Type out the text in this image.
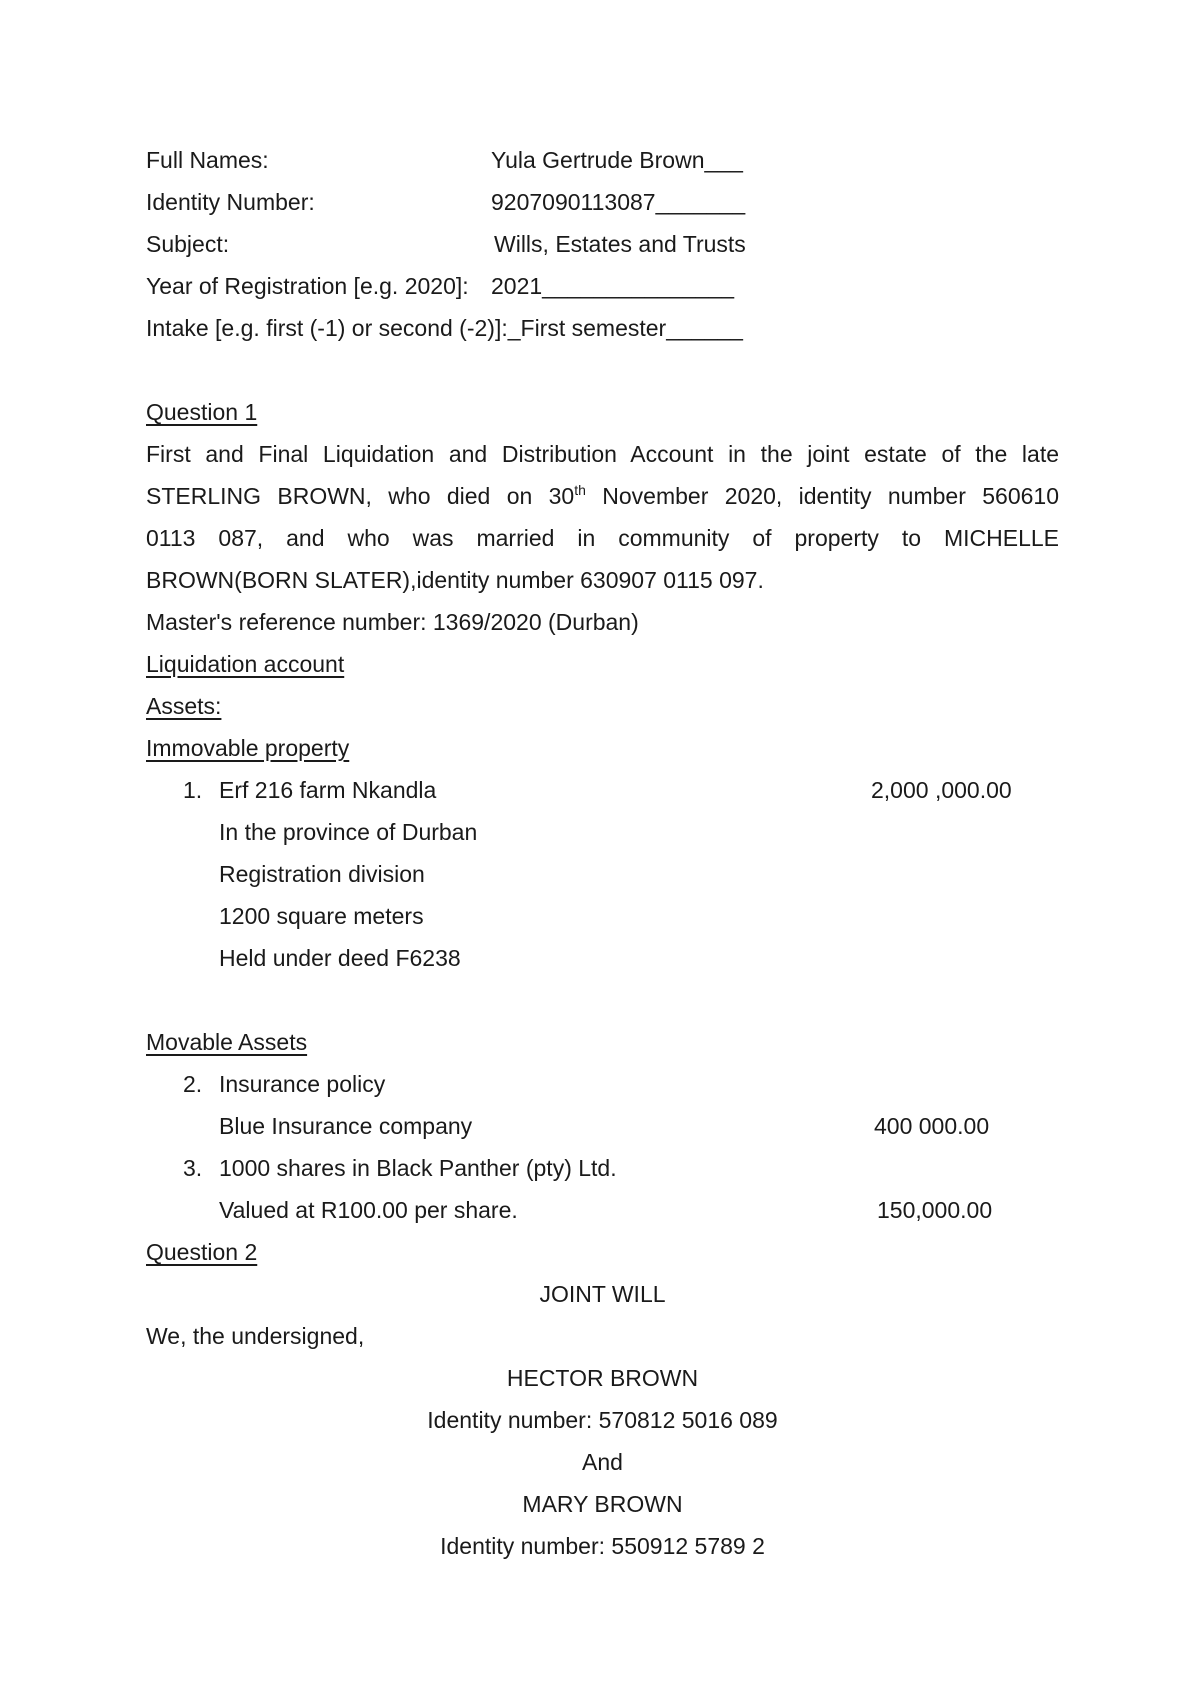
Full Names:	Yula Gertrude Brown___
Identity Number:	9207090113087_______
Subject:	Wills, Estates and Trusts
Year of Registration [e.g. 2020]: 2021_______________
Intake [e.g. first (-1) or second (-2)]:_First semester______
Question 1
First and Final Liquidation and Distribution Account in the joint estate of the late
STERLING BROWN, who died on 30th November 2020, identity number 560610
0113 087, and who was married in community of property to MICHELLE
BROWN(BORN SLATER),identity number 630907 0115 097.
Master's reference number: 1369/2020 (Durban)
Liquidation account
Assets:
Immovable property
1. Erf 216 farm Nkandla	2,000 ,000.00
In the province of Durban
Registration division
1200 square meters
Held under deed F6238
Movable Assets
2. Insurance policy
Blue Insurance company	400 000.00
3. 1000 shares in Black Panther (pty) Ltd.
Valued at R100.00 per share.	150,000.00
Question 2
JOINT WILL
We, the undersigned,
HECTOR BROWN
Identity number: 570812 5016 089
And
MARY BROWN
Identity number: 550912 5789 2
